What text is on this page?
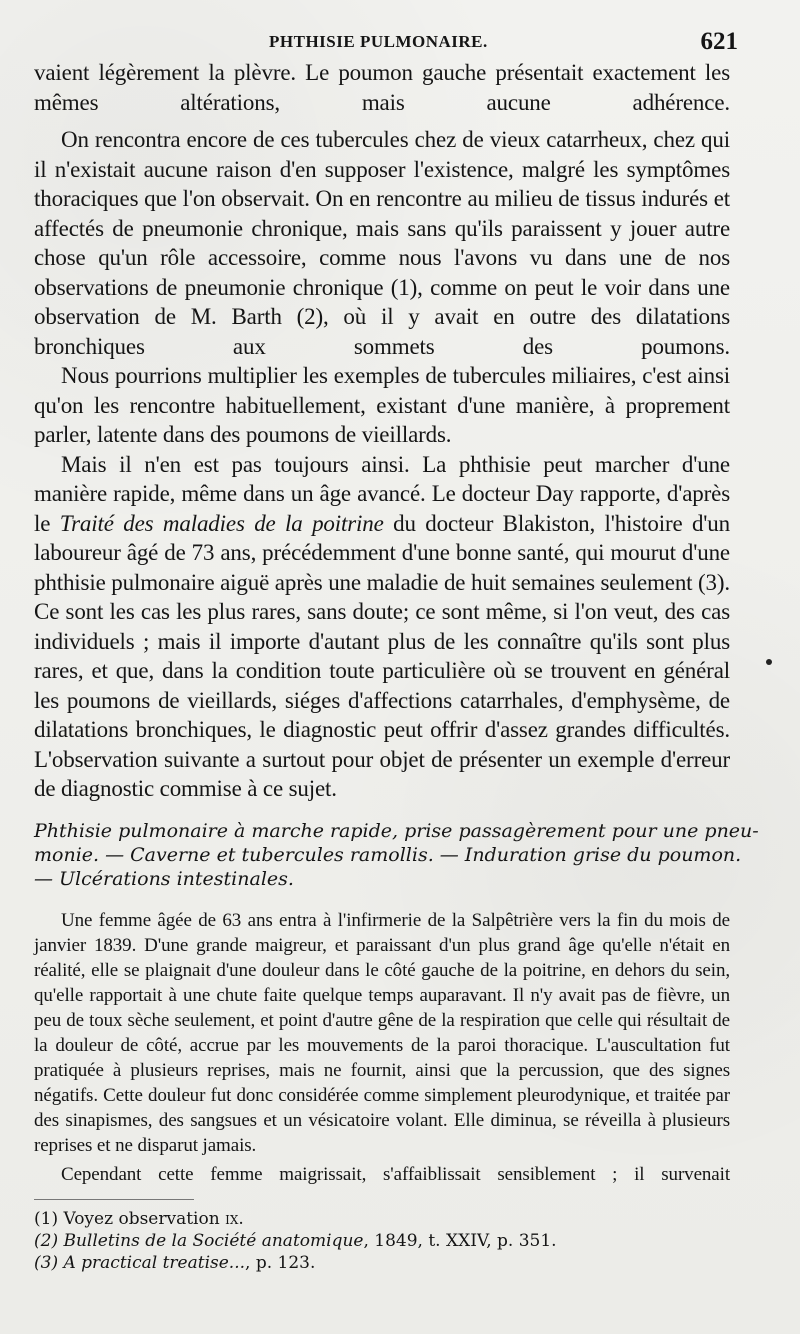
PHTHISIE PULMONAIRE.	621

vaient légèrement la plèvre. Le poumon gauche présentait exactement les mêmes altérations, mais aucune adhérence.

On rencontra encore de ces tubercules chez de vieux catarrheux, chez qui il n'existait aucune raison d'en supposer l'existence, malgré les symptômes thoraciques que l'on observait. On en rencontre au milieu de tissus indurés et affectés de pneumonie chronique, mais sans qu'ils paraissent y jouer autre chose qu'un rôle accessoire, comme nous l'avons vu dans une de nos observations de pneumonie chronique (1), comme on peut le voir dans une observation de M. Barth (2), où il y avait en outre des dilatations bronchiques aux sommets des poumons.

Nous pourrions multiplier les exemples de tubercules miliaires, c'est ainsi qu'on les rencontre habituellement, existant d'une manière, à proprement parler, latente dans des poumons de vieillards.

Mais il n'en est pas toujours ainsi. La phthisie peut marcher d'une manière rapide, même dans un âge avancé. Le docteur Day rapporte, d'après le Traité des maladies de la poitrine du docteur Blakiston, l'histoire d'un laboureur âgé de 73 ans, précédemment d'une bonne santé, qui mourut d'une phthisie pulmonaire aiguë après une maladie de huit semaines seulement (3). Ce sont les cas les plus rares, sans doute; ce sont même, si l'on veut, des cas individuels ; mais il importe d'autant plus de les connaître qu'ils sont plus rares, et que, dans la condition toute particulière où se trouvent en général les poumons de vieillards, siéges d'affections catarrhales, d'emphysème, de dilatations bronchiques, le diagnostic peut offrir d'assez grandes difficultés. L'observation suivante a surtout pour objet de présenter un exemple d'erreur de diagnostic commise à ce sujet.

Phthisie pulmonaire à marche rapide, prise passagèrement pour une pneu-
monie. — Caverne et tubercules ramollis. — Induration grise du poumon.
— Ulcérations intestinales.

Une femme âgée de 63 ans entra à l'infirmerie de la Salpêtrière vers la fin du mois de janvier 1839. D'une grande maigreur, et paraissant d'un plus grand âge qu'elle n'était en réalité, elle se plaignait d'une douleur dans le côté gauche de la poitrine, en dehors du sein, qu'elle rapportait à une chute faite quelque temps auparavant. Il n'y avait pas de fièvre, un peu de toux sèche seulement, et point d'autre gêne de la respiration que celle qui résultait de la douleur de côté, accrue par les mouvements de la paroi thoracique. L'auscultation fut pratiquée à plusieurs reprises, mais ne fournit, ainsi que la percussion, que des signes négatifs. Cette douleur fut donc considérée comme simplement pleurodynique, et traitée par des sinapismes, des sangsues et un vésicatoire volant. Elle diminua, se réveilla à plusieurs reprises et ne disparut jamais.

Cependant cette femme maigrissait, s'affaiblissait sensiblement ; il survenait

(1) Voyez observation ix.
(2) Bulletins de la Société anatomique, 1849, t. XXIV, p. 351.
(3) A practical treatise..., p. 123.
